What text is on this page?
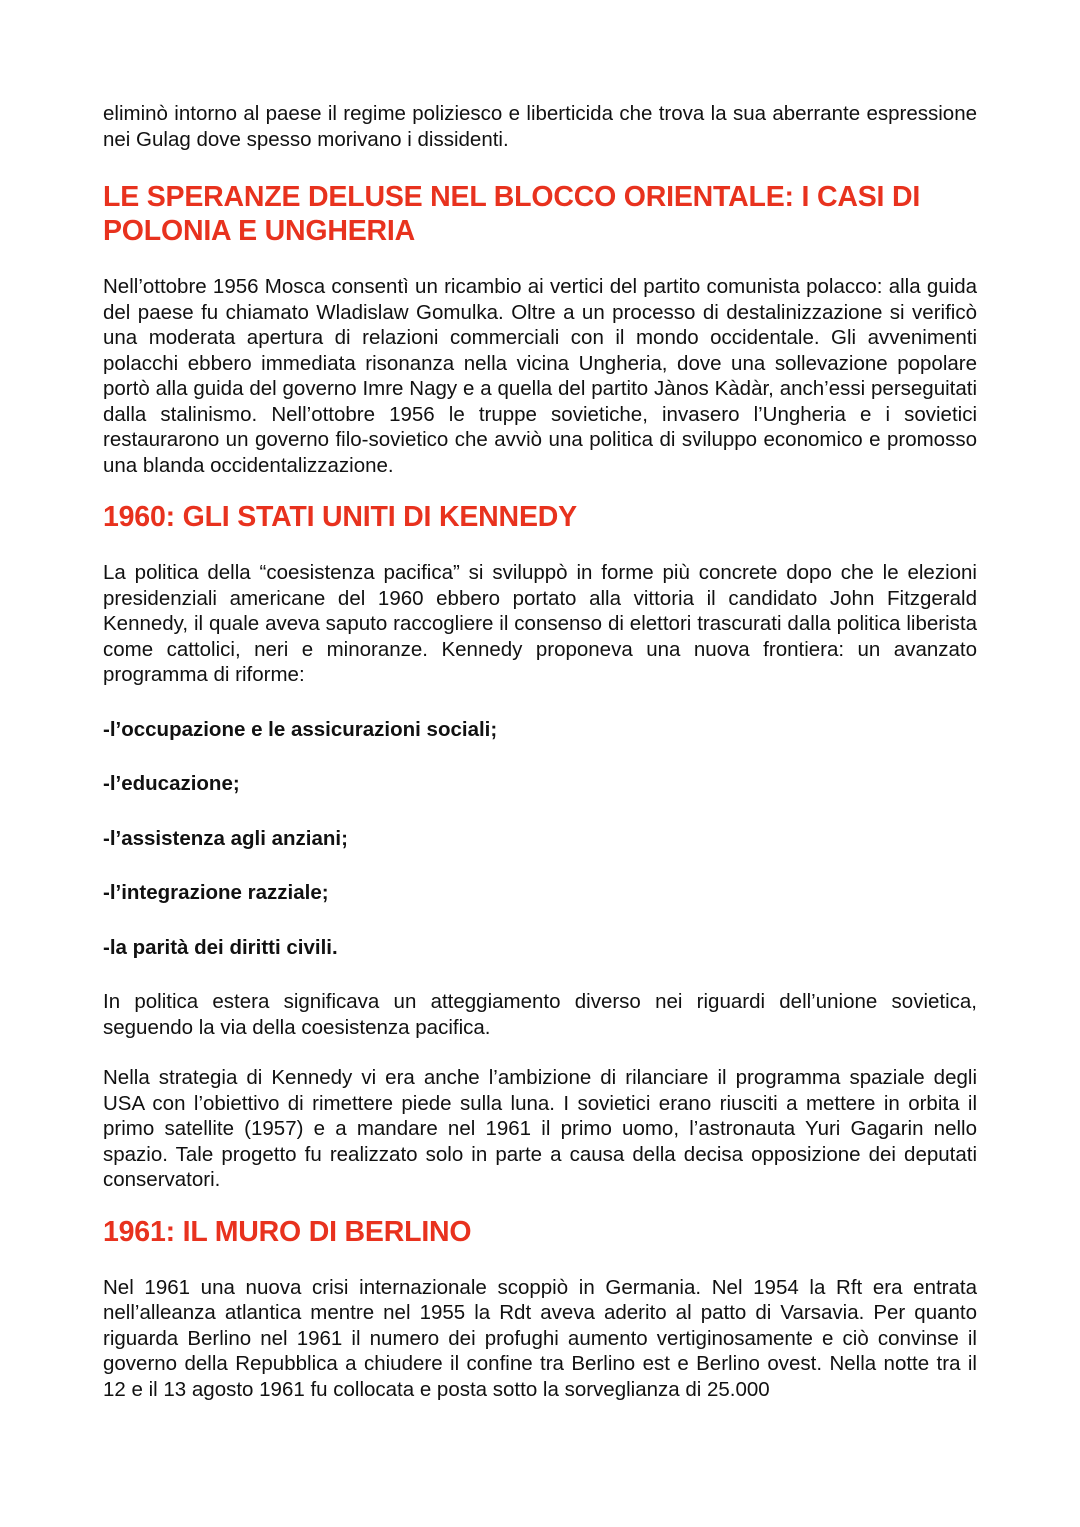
eliminò intorno al paese il regime poliziesco e liberticida che trova la sua aberrante espressione nei Gulag dove spesso morivano i dissidenti.

LE SPERANZE DELUSE NEL BLOCCO ORIENTALE: I CASI DI POLONIA E UNGHERIA

Nell’ottobre 1956 Mosca consentì un ricambio ai vertici del partito comunista polacco: alla guida del paese fu chiamato Wladislaw Gomulka. Oltre a un processo di destalinizzazione si verificò una moderata apertura di relazioni commerciali con il mondo occidentale. Gli avvenimenti polacchi ebbero immediata risonanza nella vicina Ungheria, dove una sollevazione popolare portò alla guida del governo Imre Nagy e a quella del partito Jànos Kàdàr, anch’essi perseguitati dalla stalinismo. Nell’ottobre 1956 le truppe sovietiche, invasero l’Ungheria e i sovietici restaurarono un governo filo-sovietico che avviò una politica di sviluppo economico e promosso una blanda occidentalizzazione.

1960: GLI STATI UNITI DI KENNEDY

La politica della “coesistenza pacifica” si sviluppò in forme più concrete dopo che le elezioni presidenziali americane del 1960 ebbero portato alla vittoria il candidato John Fitzgerald Kennedy, il quale aveva saputo raccogliere il consenso di elettori trascurati dalla politica liberista come cattolici, neri e minoranze. Kennedy proponeva una nuova frontiera: un avanzato programma di riforme:

-l’occupazione e le assicurazioni sociali;

-l’educazione;

-l’assistenza agli anziani;

-l’integrazione razziale;

-la parità dei diritti civili.

In politica estera significava un atteggiamento diverso nei riguardi dell’unione sovietica, seguendo la via della coesistenza pacifica.

Nella strategia di Kennedy vi era anche l’ambizione di rilanciare il programma spaziale degli USA con l’obiettivo di rimettere piede sulla luna. I sovietici erano riusciti a mettere in orbita il primo satellite (1957) e a mandare nel 1961 il primo uomo, l’astronauta Yuri Gagarin nello spazio. Tale progetto fu realizzato solo in parte a causa della decisa opposizione dei deputati conservatori.

1961: IL MURO DI BERLINO

Nel 1961 una nuova crisi internazionale scoppiò in Germania. Nel 1954 la Rft era entrata nell’alleanza atlantica mentre nel 1955 la Rdt aveva aderito al patto di Varsavia. Per quanto riguarda Berlino nel 1961 il numero dei profughi aumento vertiginosamente e ciò convinse il governo della Repubblica a chiudere il confine tra Berlino est e Berlino ovest. Nella notte tra il 12 e il 13 agosto 1961 fu collocata e posta sotto la sorveglianza di 25.000
